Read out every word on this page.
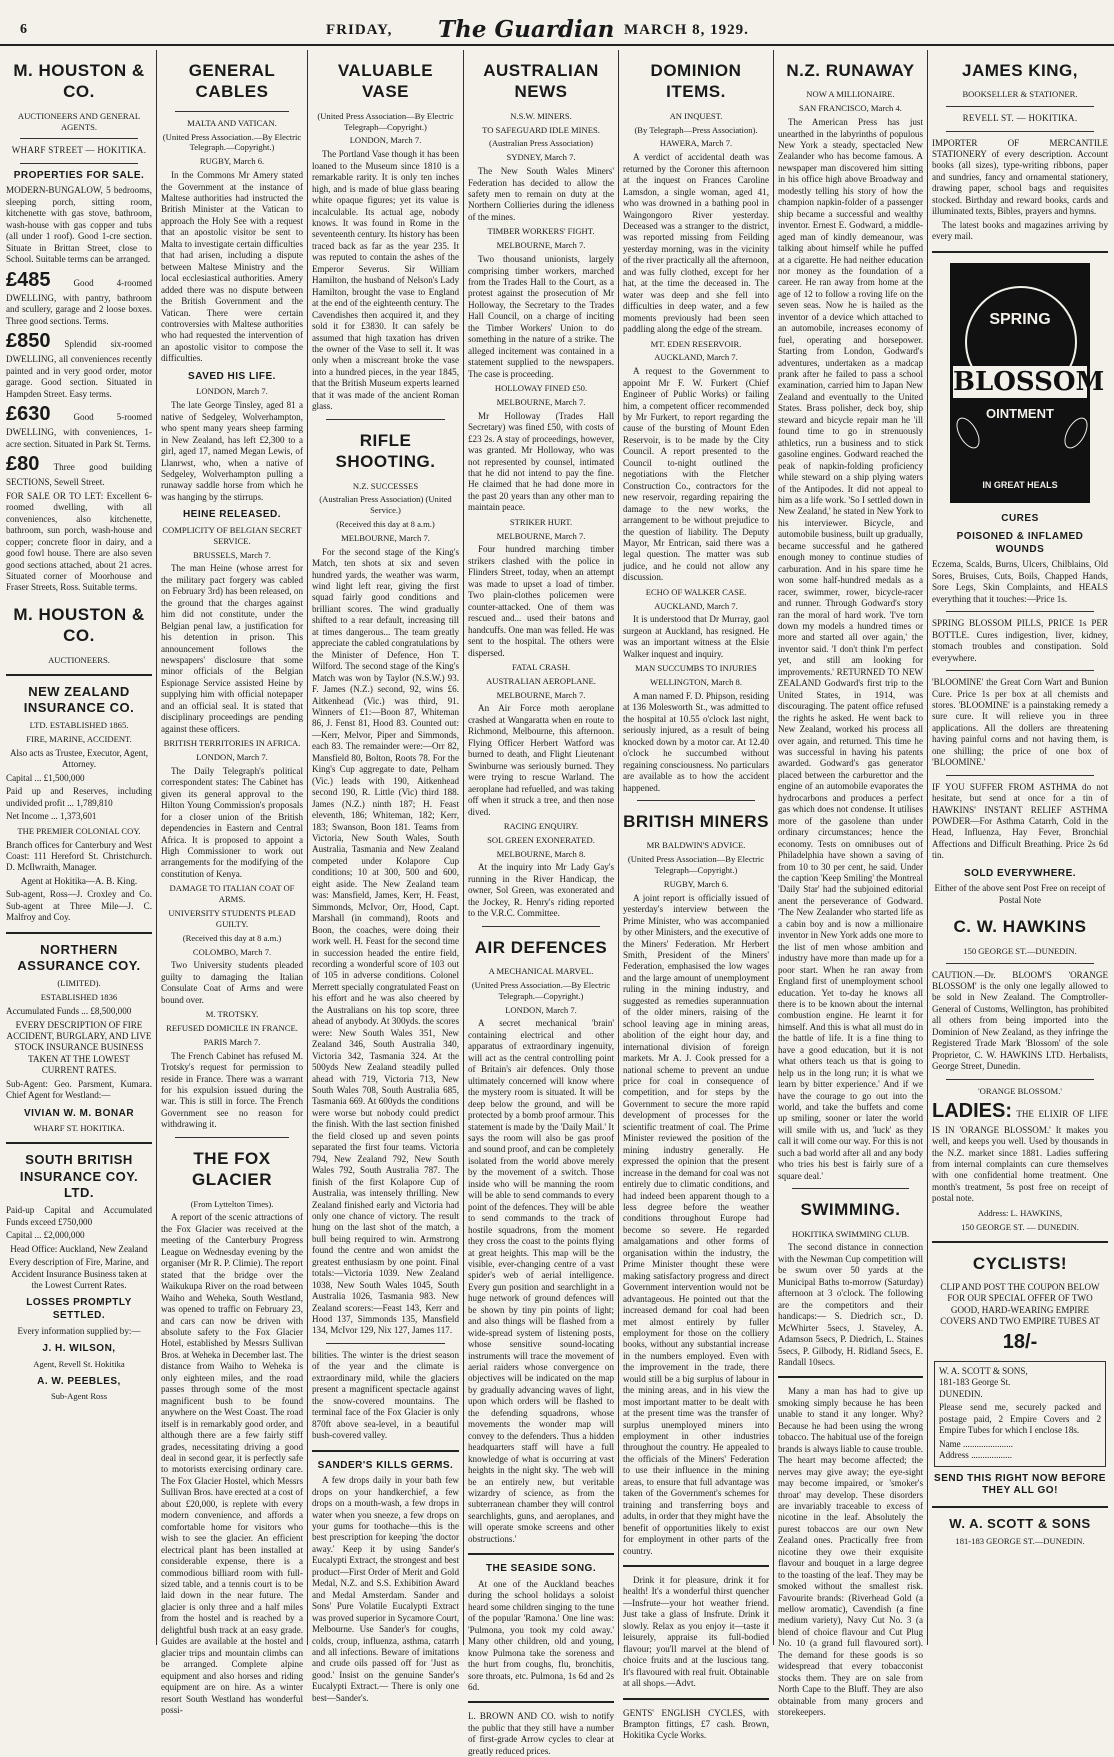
6	FRIDAY, The Guardian MARCH 8, 1929.
M. HOUSTON & CO.
AUCTIONEERS AND GENERAL AGENTS.
WHARF STREET — HOKITIKA.
PROPERTIES FOR SALE.

MODERN-BUNGALOW, 5 bedrooms, sleeping porch, sitting room, kitchenette with gas stove, bathroom, wash-house with gas copper and tubs (all under 1 roof). Good 1-cre section. Situate in Brittan Street, close to School. Suitable terms can be arranged.

£485	Good 4-roomed DWELLING, with pantry, bathroom and scullery, garage and 2 loose boxes. Three good sections. Terms.

£850 Splendid six-roomed DWELLING, all conveniences recently painted and in very good order, motor garage. Good section. Situated in Hampden Street. Easy terms.

£630	Good 5-roomed DWELLING, with conveniences, 1-acre section. Situated in Park St. Terms.

£80 Three good building SECTIONS, Sewell Street.

FOR SALE OR TO LET: Excellent 6-roomed dwelling, with all conveniences, also kitchenette, bathroom, sun porch, wash-house and copper; concrete floor in dairy, and a good fowl house. There are also seven good sections attached, about 21 acres. Situated corner of Moorhouse and Fraser Streets, Ross. Suitable terms.

M. HOUSTON & CO.
AUCTIONEERS.
NEW ZEALAND INSURANCE CO.
LTD. ESTABLISHED 1865.
FIRE, MARINE, ACCIDENT.

Also acts as Trustee, Executor, Agent, Attorney.

Capital ... £1,500,000

Paid up and Reserves, including undivided profit ... 1,789,810

Net Income ... 1,373,601

THE PREMIER COLONIAL COY.

Branch offices for Canterbury and West Coast: 111 Hereford St. Christchurch. D. McIlwraith, Manager.

Agent at Hokitika—A. B. King.

Sub-agent, Ross—J. Croxley and Co. Sub-agent at Three Mile—J. C. Malfroy and Coy.

NORTHERN ASSURANCE COY.
(LIMITED).
ESTABLISHED 1836

Accumulated Funds ... £8,500,000

EVERY DESCRIPTION OF FIRE ACCIDENT, BURGLARY, AND LIVE STOCK INSURANCE BUSINESS TAKEN AT THE LOWEST CURRENT RATES.

Sub-Agent: Geo. Parsment, Kumara. Chief Agent for Westland:—

VIVIAN W. M. BONAR
WHARF ST. HOKITIKA.
SOUTH BRITISH INSURANCE COY. LTD.

Paid-up Capital and Accumulated Funds exceed £750,000

Capital ... £2,000,000

Head Office: Auckland, New Zealand

Every description of Fire, Marine, and Accident Insurance Business taken at the Lowest Current Rates.

LOSSES PROMPTLY SETTLED.

Every information supplied by:—

J. H. WILSON,
Agent, Revell St. Hokitika
A. W. PEEBLES,
Sub-Agent Ross
GENERAL CABLES
MALTA AND VATICAN.
(United Press Association.—By Electric Telegraph.—Copyright.)
RUGBY, March 6.

In the Commons Mr Amery stated the Government at the instance of Maltese authorities had instructed the British Minister at the Vatican to approach the Holy See with a request that an apostolic visitor be sent to Malta to investigate certain difficulties that had arisen, including a dispute between Maltese Ministry and the local ecclesiastical authorities. Amery added there was no dispute between the British Government and the Vatican. There were certain controversies with Maltese authorities who had requested the intervention of an apostolic visitor to compose the difficulties.

SAVED HIS LIFE.
LONDON, March 7.

The late George Tinsley, aged 81 a native of Sedgeley, Wolverhampton, who spent many years sheep farming in New Zealand, has left £2,300 to a girl, aged 17, named Megan Lewis, of Llanrwst, who, when a native of Sedgeley, Wolverhampton pulling a runaway saddle horse from which he was hanging by the stirrups.

HEINE RELEASED.
COMPLICITY OF BELGIAN SECRET SERVICE.
BRUSSELS, March 7.

The man Heine (whose arrest for the military pact forgery was cabled on February 3rd) has been released, on the ground that the charges against him did not constitute, under the Belgian penal law, a justification for his detention in prison. This announcement follows the newspapers' disclosure that some minor officials of the Belgian Espionage Service assisted Heine by supplying him with official notepaper and an official seal. It is stated that disciplinary proceedings are pending against these officers.

BRITISH TERRITORIES IN AFRICA.
LONDON, March 7.

The Daily Telegraph's political correspondent states: The Cabinet has given its general approval to the Hilton Young Commission's proposals for a closer union of the British dependencies in Eastern and Central Africa. It is proposed to appoint a High Commissioner to work out arrangements for the modifying of the constitution of Kenya.

DAMAGE TO ITALIAN COAT OF ARMS.
UNIVERSITY STUDENTS PLEAD GUILTY.
(Received this day at 8 a.m.)
COLOMBO, March 7.

Two University students pleaded guilty to damaging the Italian Consulate Coat of Arms and were bound over.

M. TROTSKY.
REFUSED DOMICILE IN FRANCE.
PARIS March 7.

The French Cabinet has refused M. Trotsky's request for permission to reside in France. There was a warrant for his expulsion issued during the war. This is still in force. The French Government see no reason for withdrawing it.

THE FOX GLACIER
(From Lyttelton Times).

A report of the scenic attractions of the Fox Glacier was received at the meeting of the Canterbury Progress League on Wednesday evening by the organiser (Mr R. P. Climie). The report stated that the bridge over the Waikukupa River on the road between Waiho and Weheka, South Westland, was opened to traffic on February 23, and cars can now be driven with absolute safety to the Fox Glacier Hotel, established by Messrs Sullivan Bros. at Weheka in December last. The distance from Waiho to Weheka is only eighteen miles, and the road passes through some of the most magnificent bush to be found anywhere on the West Coast. The road itself is in remarkably good order, and although there are a few fairly stiff grades, necessitating driving a good deal in second gear, it is perfectly safe to motorists exercising ordinary care. The Fox Glacier Hostel, which Messrs Sullivan Bros. have erected at a cost of about £20,000, is replete with every modern convenience, and affords a comfortable home for visitors who wish to see the glacier. An efficient electrical plant has been installed at considerable expense, there is a commodious billiard room with full-sized table, and a tennis court is to be laid down in the near future. The glacier is only three and a half miles from the hostel and is reached by a delightful bush track at an easy grade. Guides are available at the hostel and glacier trips and mountain climbs can be arranged. Complete alpine equipment and also horses and riding equipment are on hire. As a winter resort South Westland has wonderful possi-

VALUABLE VASE
(United Press Association—By Electric Telegraph—Copyright.)
LONDON, March 7.

The Portland Vase though it has been loaned to the Museum since 1810 is a remarkable rarity. It is only ten inches high, and is made of blue glass bearing white opaque figures; yet its value is incalculable. Its actual age, nobody knows. It was found in Rome in the seventeenth century. Its history has been traced back as far as the year 235. It was reputed to contain the ashes of the Emperor Severus. Sir William Hamilton, the husband of Nelson's Lady Hamilton, brought the vase to England at the end of the eighteenth century. The Cavendishes then acquired it, and they sold it for £3830. It can safely be assumed that high taxation has driven the owner of the Vase to sell it. It was only when a miscreant broke the vase into a hundred pieces, in the year 1845, that the British Museum experts learned that it was made of the ancient Roman glass.

RIFLE SHOOTING.
N.Z. SUCCESSES
(Australian Press Association) (United Service.)
(Received this day at 8 a.m.)
MELBOURNE, March 7.

For the second stage of the King's Match, ten shots at six and seven hundred yards, the weather was warm, wind light left rear, giving the first squad fairly good conditions and brilliant scores. The wind gradually shifted to a rear default, increasing till at times dangerous... The team greatly appreciate the cabled congratulations by the Minister of Defence, Hon T. Wilford. The second stage of the King's Match was won by Taylor (N.S.W.) 93. F. James (N.Z.) second, 92, wins £6. Aitkenhead (Vic.) was third, 91. Winners of £1:—Boon 87, Whiteman 86, J. Fenst 81, Hood 83. Counted out:—Kerr, Melvor, Piper and Simmonds, each 83. The remainder were:—Orr 82, Mansfield 80, Bolton, Roots 78. For the King's Cup aggregate to date, Pelham (Vic.) leads with 190, Aitkenhead second 190, R. Little (Vic) third 188. James (N.Z.) ninth 187; H. Feast eleventh, 186; Whiteman, 182; Kerr, 183; Swanson, Boon 181. Teams from Victoria, New South Wales, South Australia, Tasmania and New Zealand competed under Kolapore Cup conditions; 10 at 300, 500 and 600, eight aside. The New Zealand team was: Mansfield, James, Kerr, H. Feast, Simmonds, McIvor, Orr, Hood, Capt. Marshall (in command), Roots and Boon, the coaches, were doing their work well. H. Feast for the second time in succession headed the entire field, recording a wonderful score of 103 out of 105 in adverse conditions. Colonel Merrett specially congratulated Feast on his effort and he was also cheered by the Australians on his top score, three ahead of anybody. At 300yds. the scores were: New South Wales 351, New Zealand 346, South Australia 340, Victoria 342, Tasmania 324. At the 500yds New Zealand steadily pulled ahead with 719, Victoria 713, New South Wales 708, South Australia 685, Tasmania 669. At 600yds the conditions were worse but nobody could predict the finish. With the last section finished the field closed up and seven points separated the first four teams. Victoria 794, New Zealand 792, New South Wales 792, South Australia 787. The finish of the first Kolapore Cup of Australia, was intensely thrilling. New Zealand finished early and Victoria had only one chance of victory. The result hung on the last shot of the match, a bull being required to win. Armstrong found the centre and won amidst the greatest enthusiasm by one point. Final totals:—Victoria 1039. New Zealand 1038, New South Wales 1045, South Australia 1026, Tasmania 983. New Zealand scorers:—Feast 143, Kerr and Hood 137, Simmonds 135, Mansfield 134, McIvor 129, Nix 127, James 117.

bilities. The winter is the driest season of the year and the climate is extraordinary mild, while the glaciers present a magnificent spectacle against the snow-covered mountains. The terminal face of the Fox Glacier is only 870ft above sea-level, in a beautiful bush-covered valley.

SANDER'S KILLS GERMS.

A few drops daily in your bath few drops on your handkerchief, a few drops on a mouth-wash, a few drops in water when you sneeze, a few drops on your gums for toothache—this is the best prescription for keeping 'the doctor away.' Keep it by using Sander's Eucalypti Extract, the strongest and best product—First Order of Merit and Gold Medal, N.Z. and S.S. Exhibition Award and Medal Amsterdam. Sander and Sons' Pure Volatile Eucalypti Extract was proved superior in Sycamore Court, Melbourne. Use Sander's for coughs, colds, croup, influenza, asthma, catarrh and all infections. Beware of imitations and crude oils passed off for 'Just as good.' Insist on the genuine Sander's Eucalypti Extract.— There is only one best—Sander's.

AUSTRALIAN NEWS
N.S.W. MINERS.
TO SAFEGUARD IDLE MINES.
(Australian Press Association)
SYDNEY, March 7.

The New South Wales Miners' Federation has decided to allow the safety men to remain on duty at the Northern Collieries during the idleness of the mines.

TIMBER WORKERS' FIGHT.
MELBOURNE, March 7.

Two thousand unionists, largely comprising timber workers, marched from the Trades Hall to the Court, as a protest against the prosecution of Mr Holloway, the Secretary to the Trades Hall Council, on a charge of inciting the Timber Workers' Union to do something in the nature of a strike. The alleged incitement was contained in a statement supplied to the newspapers. The case is proceeding.

HOLLOWAY FINED £50.
MELBOURNE, March 7.

Mr Holloway (Trades Hall Secretary) was fined £50, with costs of £23 2s. A stay of proceedings, however, was granted. Mr Holloway, who was not represented by counsel, intimated that he did not intend to pay the fine. He claimed that he had done more in the past 20 years than any other man to maintain peace.

STRIKER HURT.
MELBOURNE, March 7.

Four hundred marching timber strikers clashed with the police in Flinders Street, today, when an attempt was made to upset a load of timber. Two plain-clothes policemen were counter-attacked. One of them was rescued and... used their batons and handcuffs. One man was felled. He was sent to the hospital. The others were dispersed.

FATAL CRASH.
AUSTRALIAN AEROPLANE.
MELBOURNE, March 7.

An Air Force moth aeroplane crashed at Wangaratta when en route to Richmond, Melbourne, this afternoon. Flying Officer Herbert Watford was burned to death, and Flight Lieutenant Swinburne was seriously burned. They were trying to rescue Warland. The aeroplane had refuelled, and was taking off when it struck a tree, and then nose dived.

RACING ENQUIRY.
SOL GREEN EXONERATED.
MELBOURNE, March 8.

At the inquiry into Mr Lady Gay's running in the River Handicap, the owner, Sol Green, was exonerated and the Jockey, R. Henry's riding reported to the V.R.C. Committee.

AIR DEFENCES
A MECHANICAL MARVEL.
(United Press Association.—By Electric Telegraph.—Copyright.)
LONDON, March 7.

A secret mechanical 'brain' containing electrical and other apparatus of extraordinary ingenuity, will act as the central controlling point of Britain's air defences. Only those ultimately concerned will know where the mystery room is situated. It will be deep below the ground, and will be protected by a bomb proof armour. This statement is made by the 'Daily Mail.' It says the room will also be gas proof and sound proof, and can be completely isolated from the world above merely by the movement of a switch. Those inside who will be manning the room will be able to send commands to every point of the defences. They will be able to send commands to the track of hostile squadrons, from the moment they cross the coast to the points flying at great heights. This map will be the visible, ever-changing centre of a vast spider's web of aerial intelligence. Every gun position and searchlight in a huge network of ground defences will be shown by tiny pin points of light; and also things will be flashed from a wide-spread system of listening posts, whose sensitive sound-locating instruments will trace the movement of aerial raiders whose convergence on objectives will be indicated on the map by gradually advancing waves of light, upon which orders will be flashed to the defending squadrons, whose movements the wonder map will convey to the defenders. Thus a hidden headquarters staff will have a full knowledge of what is occurring at vast heights in the night sky. 'The web will be an entirely new, but veritable wizardry of science, as from the subterranean chamber they will control searchlights, guns, and aeroplanes, and will operate smoke screens and other obstructions.'

THE SEASIDE SONG.

At one of the Auckland beaches during the school holidays a soloist heard some children singing to the tune of the popular 'Ramona.' One line was: 'Pulmona, you took my cold away.' Many other children, old and young, know Pulmona take the soreness and the hurt from coughs, flu, bronchitis, sore throats, etc. Pulmona, 1s 6d and 2s 6d.

L. BROWN AND CO. wish to notify the public that they still have a number of first-grade Arrow cycles to clear at greatly reduced prices.

DOMINION ITEMS.
AN INQUEST.
(By Telegraph—Press Association).
HAWERA, March 7.

A verdict of accidental death was returned by the Coroner this afternoon at the inquest on Frances Caroline Lamsdon, a single woman, aged 41, who was drowned in a bathing pool in Waingongoro River yesterday. Deceased was a stranger to the district, was reported missing from Feilding yesterday morning, was in the vicinity of the river practically all the afternoon, and was fully clothed, except for her hat, at the time the deceased in. The water was deep and she fell into difficulties in deep water, and a few moments previously had been seen paddling along the edge of the stream.

MT. EDEN RESERVOIR.
AUCKLAND, March 7.

A request to the Government to appoint Mr F. W. Furkert (Chief Engineer of Public Works) or failing him, a competent officer recommended by Mr Furkert, to report regarding the cause of the bursting of Mount Eden Reservoir, is to be made by the City Council. A report presented to the Council to-night outlined the negotiations with the Fletcher Construction Co., contractors for the new reservoir, regarding repairing the damage to the new works, the arrangement to be without prejudice to the question of liability. The Deputy Mayor, Mr Entrican, said there was a legal question. The matter was sub judice, and he could not allow any discussion.

ECHO OF WALKER CASE.
AUCKLAND, March 7.

It is understood that Dr Murray, gaol surgeon at Auckland, has resigned. He was an important witness at the Elsie Walker inquest and inquiry.

MAN SUCCUMBS TO INJURIES
WELLINGTON, March 8.

A man named F. D. Phipson, residing at 136 Molesworth St., was admitted to the hospital at 10.55 o'clock last night, seriously injured, as a result of being knocked down by a motor car. At 12.40 o'clock he succumbed without regaining consciousness. No particulars are available as to how the accident happened.

BRITISH MINERS
MR BALDWIN'S ADVICE.
(United Press Association—By Electric Telegraph—Copyright.)
RUGBY, March 6.

A joint report is officially issued of yesterday's interview between the Prime Minister, who was accompanied by other Ministers, and the executive of the Miners' Federation. Mr Herbert Smith, President of the Miners' Federation, emphasised the low wages and the large amount of unemployment ruling in the mining industry, and suggested as remedies superannuation of the older miners, raising of the school leaving age in mining areas, abolition of the eight hour day, and international division of foreign markets. Mr A. J. Cook pressed for a national scheme to prevent an undue price for coal in consequence of competition, and for steps by the Government to secure the more rapid development of processes for the scientific treatment of coal. The Prime Minister reviewed the position of the mining industry generally. He expressed the opinion that the present increase in the demand for coal was not entirely due to climatic conditions, and had indeed been apparent though to a less degree before the weather conditions throughout Europe had become so severe. He regarded amalgamations and other forms of organisation within the industry, the Prime Minister thought these were making satisfactory progress and direct Government intervention would not be advantageous. He pointed out that the increased demand for coal had been met almost entirely by fuller employment for those on the colliery books, without any substantial increase in the numbers employed. Even with the improvement in the trade, there would still be a big surplus of labour in the mining areas, and in his view the most important matter to be dealt with at the present time was the transfer of surplus unemployed miners into employment in other industries throughout the country. He appealed to the officials of the Miners' Federation to use their influence in the mining areas, to ensure that full advantage was taken of the Government's schemes for training and transferring boys and adults, in order that they might have the benefit of opportunities likely to exist for employment in other parts of the country.

Drink it for pleasure, drink it for health! It's a wonderful thirst quencher—Insfrute—your hot weather friend. Just take a glass of Insfrute. Drink it slowly. Relax as you enjoy it—taste it leisurely, appraise its full-bodied flavour; you'll marvel at the blend of choice fruits and at the luscious tang. It's flavoured with real fruit. Obtainable at all shops.—Advt.

GENTS' ENGLISH CYCLES, with Brampton fittings, £7 cash. Brown, Hokitika Cycle Works.

N.Z. RUNAWAY
NOW A MILLIONAIRE.
SAN FRANCISCO, March 4.

The American Press has just unearthed in the labyrinths of populous New York a steady, spectacled New Zealander who has become famous. A newspaper man discovered him sitting in his office high above Broadway and modestly telling his story of how the champion napkin-folder of a passenger ship became a successful and wealthy inventor. Ernest E. Godward, a middle-aged man of kindly demeanour, was talking about himself while he puffed at a cigarette. He had neither education nor money as the foundation of a career. He ran away from home at the age of 12 to follow a roving life on the seven seas. Now he is hailed as the inventor of a device which attached to an automobile, increases economy of fuel, operating and horsepower. Starting from London, Godward's adventures, undertaken as a madcap prank after he failed to pass a school examination, carried him to Japan New Zealand and eventually to the United States. Brass polisher, deck boy, ship steward and bicycle repair man he 'ill found time to go in strenuously athletics, run a business and to stick gasoline engines. Godward reached the peak of napkin-folding proficiency while steward on a ship plying waters of the Antipodes. It did not appeal to him as a life work. 'So I settled down in New Zealand,' he stated in New York to his interviewer. Bicycle, and automobile business, built up gradually, became successful and he gathered enough money to continue studies of carburation. And in his spare time he won some half-hundred medals as a racer, swimmer, rower, bicycle-racer and runner. Through Godward's story ran the moral of hard work. 'I've torn down my models a hundred times or more and started all over again,' the inventor said. 'I don't think I'm perfect yet, and still am looking for improvements.' RETURNED TO NEW ZEALAND Godward's first trip to the United States, in 1914, was discouraging. The patent office refused the rights he asked. He went back to New Zealand, worked his process all over again, and returned. This time he was successful in having his patents awarded. Godward's gas generator placed between the carburettor and the engine of an automobile evaporates the hydrocarbons and produces a perfect gas which does not condense. It utilises more of the gasolene than under ordinary circumstances; hence the economy. Tests on omnibuses out of Philadelphia have shown a saving of from 10 to 30 per cent, he said. Under the caption 'Keep Smiling' the Montreal 'Daily Star' had the subjoined editorial anent the perseverance of Godward. 'The New Zealander who started life as a cabin boy and is now a millionaire inventor in New York adds one more to the list of men whose ambition and industry have more than made up for a poor start. When he ran away from England first of unemployment school education. Yet to-day he knows all there is to be known about the internal combustion engine. He learnt it for himself. And this is what all must do in the battle of life. It is a fine thing to have a good education, but it is not what others teach us that is going to help us in the long run; it is what we learn by bitter experience.' And if we have the courage to go out into the world, and take the buffets and come up smiling, sooner or later the world will smile with us, and 'luck' as they call it will come our way. For this is not such a bad world after all and any body who tries his best is fairly sure of a square deal.'

SWIMMING.
HOKITIKA SWIMMING CLUB.

The second distance in connection with the Newman Cup competition will be swum over 50 yards at the Municipal Baths to-morrow (Saturday) afternoon at 3 o'clock. The following are the competitors and their handicaps:— S. Diedrich scr., D. McWhirter 5secs, J. Staveley, A. Adamson 5secs, P. Diedrich, L. Staines 5secs, P. Gilbody, H. Ridland 5secs, E. Randall 10secs.

Many a man has had to give up smoking simply because he has been unable to stand it any longer. Why? Because he had been using the wrong tobacco. The habitual use of the foreign brands is always liable to cause trouble. The heart may become affected; the nerves may give away; the eye-sight may become impaired, or 'smoker's throat' may develop. These disorders are invariably traceable to excess of nicotine in the leaf. Absolutely the purest tobaccos are our own New Zealand ones. Practically free from nicotine they owe their exquisite flavour and bouquet in a large degree to the toasting of the leaf. They may be smoked without the smallest risk. Favourite brands: (Riverhead Gold (a mellow aromatic), Cavendish (a fine medium variety), Navy Cut No. 3 (a blend of choice flavour and Cut Plug No. 10 (a grand full flavoured sort). The demand for these goods is so widespread that every tobacconist stocks them. They are on sale from North Cape to the Bluff. They are also obtainable from many grocers and storekeepers.

JAMES KING,
BOOKSELLER & STATIONER.
REVELL ST. — HOKITIKA.

IMPORTER OF MERCANTILE STATIONERY of every description. Account books (all sizes), type-writing ribbons, paper and sundries, fancy and ornamental stationery, drawing paper, school bags and requisites stocked. Birthday and reward books, cards and illuminated texts, Bibles, prayers and hymns.

The latest books and magazines arriving by every mail.

SPRING
BLOSSOM
OINTMENT
IN GREAT HEALS
CURES
POISONED & INFLAMED WOUNDS

Eczema, Scalds, Burns, Ulcers, Chilblains, Old Sores, Bruises, Cuts, Boils, Chapped Hands, Sore Legs, Skin Complaints, and HEALS everything that it touches:—Price 1s.

SPRING BLOSSOM PILLS, PRICE 1s PER BOTTLE. Cures indigestion, liver, kidney, stomach troubles and constipation. Sold everywhere.

'BLOOMINE' the Great Corn Wart and Bunion Cure. Price 1s per box at all chemists and stores. 'BLOOMINE' is a painstaking remedy a sure cure. It will relieve you in three applications. All the dollers are threatening having painful corns and not having them, is one shilling; the price of one box of 'BLOOMINE.'

IF YOU SUFFER FROM ASTHMA do not hesitate, but send at once for a tin of HAWKINS' INSTANT RELIEF ASTHMA POWDER—For Asthma Catarrh, Cold in the Head, Influenza, Hay Fever, Bronchial Affections and Difficult Breathing. Price 2s 6d tin.

SOLD EVERYWHERE.

Either of the above sent Post Free on receipt of Postal Note

C. W. HAWKINS
150 GEORGE ST.—DUNEDIN.

CAUTION.—Dr. BLOOM'S 'ORANGE BLOSSOM' is the only one legally allowed to be sold in New Zealand. The Comptroller-General of Customs, Wellington, has prohibited all others from being imported into the Dominion of New Zealand, as they infringe the Registered Trade Mark 'Blossom' of the sole Proprietor, C. W. HAWKINS LTD. Herbalists, George Street, Dunedin.

'ORANGE BLOSSOM.'

LADIES: THE ELIXIR OF LIFE IS IN 'ORANGE BLOSSOM.' It makes you well, and keeps you well. Used by thousands in the N.Z. market since 1881. Ladies suffering from internal complaints can cure themselves with one confidential home treatment. One month's treatment, 5s post free on receipt of postal note.

Address: L. HAWKINS,
150 GEORGE ST. — DUNEDIN.
CYCLISTS!

CLIP AND POST THE COUPON BELOW FOR OUR SPECIAL OFFER OF TWO GOOD, HARD-WEARING EMPIRE COVERS AND TWO EMPIRE TUBES AT

18/-
W. A. SCOTT & SONS,
181-183 George St.
DUNEDIN.

Please send me, securely packed and postage paid, 2 Empire Covers and 2 Empire Tubes for which I enclose 18s.

Name ......................
Address ..................
SEND THIS RIGHT NOW BEFORE THEY ALL GO!
W. A. SCOTT & SONS
181-183 GEORGE ST.—DUNEDIN.
